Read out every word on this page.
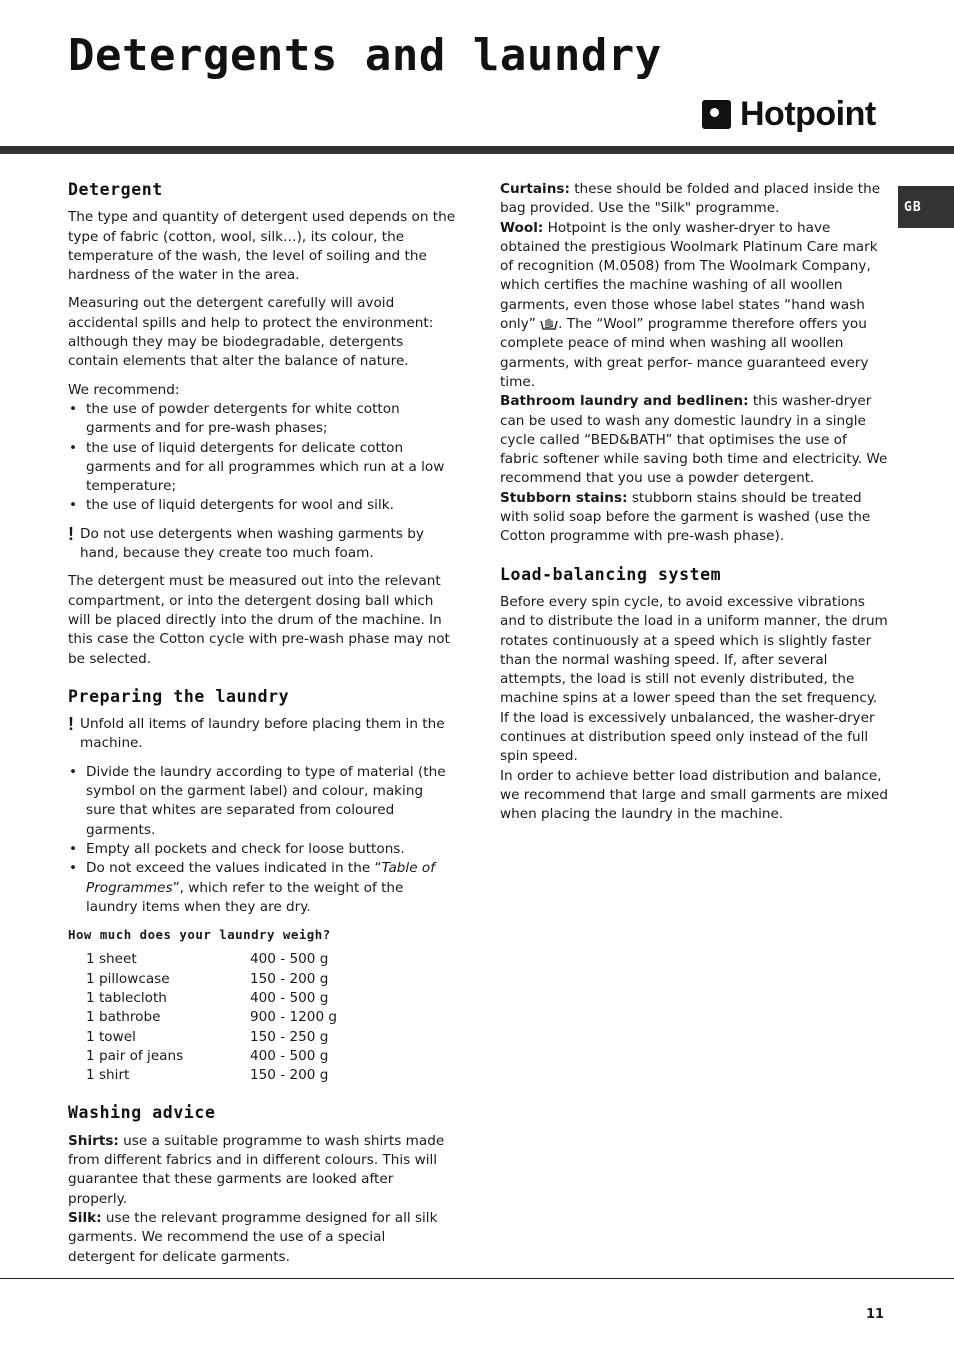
Detergents and laundry
Hotpoint
GB
Detergent

The type and quantity of detergent used depends on the type of fabric (cotton, wool, silk…), its colour, the temperature of the wash, the level of soiling and the hardness of the water in the area.

Measuring out the detergent carefully will avoid accidental spills and help to protect the environment: although they may be biodegradable, detergents contain elements that alter the balance of nature.

We recommend:

• the use of powder detergents for white cotton garments and for pre-wash phases;
• the use of liquid detergents for delicate cotton garments and for all programmes which run at a low temperature;
• the use of liquid detergents for wool and silk.
! Do not use detergents when washing garments by hand, because they create too much foam.

The detergent must be measured out into the relevant compartment, or into the detergent dosing ball which will be placed directly into the drum of the machine. In this case the Cotton cycle with pre-wash phase may not be selected.

Preparing the laundry
! Unfold all items of laundry before placing them in the machine.
• Divide the laundry according to type of material (the symbol on the garment label) and colour, making sure that whites are separated from coloured garments.
• Empty all pockets and check for loose buttons.
• Do not exceed the values indicated in the “Table of Programmes”, which refer to the weight of the laundry items when they are dry.
How much does your laundry weigh?
1 sheet	400 - 500 g
1 pillowcase	150 - 200 g
1 tablecloth	400 - 500 g
1 bathrobe	900 - 1200 g
1 towel	150 - 250 g
1 pair of jeans	400 - 500 g
1 shirt	150 - 200 g
Washing advice

Shirts: use a suitable programme to wash shirts made from different fabrics and in different colours. This will guarantee that these garments are looked after properly.

Silk: use the relevant programme designed for all silk garments. We recommend the use of a special detergent for delicate garments.

Curtains: these should be folded and placed inside the bag provided. Use the "Silk" programme.

Wool: Hotpoint is the only washer-dryer to have obtained the prestigious Woolmark Platinum Care mark of recognition (M.0508) from The Woolmark Company, which certifies the machine washing of all woollen garments, even those whose label states “hand wash only” . The “Wool” programme therefore offers you complete peace of mind when washing all woollen garments, with great perfor- mance guaranteed every time.

Bathroom laundry and bedlinen: this washer-dryer can be used to wash any domestic laundry in a single cycle called “BED&BATH” that optimises the use of fabric softener while saving both time and electricity. We recommend that you use a powder detergent.

Stubborn stains: stubborn stains should be treated with solid soap before the garment is washed (use the Cotton programme with pre-wash phase).

Load-balancing system

Before every spin cycle, to avoid excessive vibrations and to distribute the load in a uniform manner, the drum rotates continuously at a speed which is slightly faster than the normal washing speed. If, after several attempts, the load is still not evenly distributed, the machine spins at a lower speed than the set frequency.

If the load is excessively unbalanced, the washer-dryer continues at distribution speed only instead of the full spin speed.

In order to achieve better load distribution and balance, we recommend that large and small garments are mixed when placing the laundry in the machine.

11
